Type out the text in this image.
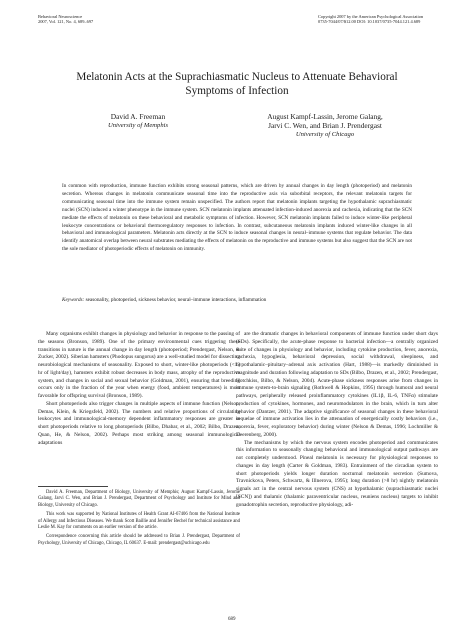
Behavioral Neuroscience
2007, Vol. 121, No. 4, 689–697
Copyright 2007 by the American Psychological Association
0735-7044/07/$12.00 DOI: 10.1037/0735-7044.121.4.689
Melatonin Acts at the Suprachiasmatic Nucleus to Attenuate Behavioral
Symptoms of Infection
David A. Freeman
University of Memphis
August Kampf-Lassin, Jerome Galang,
Jarvi C. Wen, and Brian J. Prendergast
University of Chicago
In common with reproduction, immune function exhibits strong seasonal patterns, which are driven by annual changes in day length (photoperiod) and melatonin secretion. Whereas changes in melatonin communicate seasonal time into the reproductive axis via suborbital receptors, the relevant melatonin targets for communicating seasonal time into the immune system remain unspecified. The authors report that melatonin implants targeting the hypothalamic suprachiasmatic nuclei (SCN) induced a winter phenotype in the immune system. SCN melatonin implants attenuated infection-induced anorexia and cachexia, indicating that the SCN mediate the effects of melatonin on these behavioral and metabolic symptoms of infection. However, SCN melatonin implants failed to induce winter-like peripheral leukocyte concentrations or behavioral thermoregulatory responses to infection. In contrast, subcutaneous melatonin implants induced winter-like changes in all behavioral and immunological parameters. Melatonin acts directly at the SCN to induce seasonal changes in neural–immune systems that regulate behavior. The data identify anatomical overlap between neural substrates mediating the effects of melatonin on the reproductive and immune systems but also suggest that the SCN are not the sole mediator of photoperiodic effects of melatonin on immunity.
Keywords: seasonality, photoperiod, sickness behavior, neural–immune interactions, inflammation

Many organisms exhibit changes in physiology and behavior in response to the passing of the seasons (Bronson, 1989). One of the primary environmental cues triggering these transitions in nature is the annual change in day length (photoperiod; Prendergast, Nelson, & Zucker, 2002). Siberian hamsters (Phodopus sungorus) are a well-studied model for dissecting neurobiological mechanisms of seasonality. Exposed to short, winter-like photoperiods (<13 hr of light/day), hamsters exhibit robust decreases in body mass, atrophy of the reproductive system, and changes in social and sexual behavior (Goldman, 2001), ensuring that breeding occurs only in the fraction of the year when energy (food, ambient temperatures) is most favorable for offspring survival (Bronson, 1989).

Short photoperiods also trigger changes in multiple aspects of immune function (Nelson, Demas, Klein, & Kriegsfeld, 2002). The numbers and relative proportions of circulating leukocytes and immunological-memory dependent inflammatory responses are greater in short photoperiods relative to long photoperiods (Bilbo, Dhabar, et al., 2002; Bilbo, Drazen, Quan, He, & Nelson, 2002). Perhaps most striking among seasonal immunological adaptations

are the dramatic changes in behavioral components of immune function under short days (SDs). Specifically, the acute-phase response to bacterial infection—a centrally organized suite of changes in physiology and behavior, including cytokine production, fever, anorexia, cachexia, hypoglesia, behavioral depression, social withdrawal, sleepiness, and hypothalamic–pituitary–adrenal axis activation (Hart, 1988)—is markedly diminished in magnitude and duration following adaptation to SDs (Bilbo, Drazen, et al., 2002; Prendergast, Hotchkiss, Bilbo, & Nelson, 2004). Acute-phase sickness responses arise from changes in immune system-to-brain signaling (Rothwell & Hopkins, 1995) through humoral and neural pathways, peripherally released proinflammatory cytokines (IL1β, IL-6, TNFα) stimulate production of cytokines, hormones, and neuromodulators in the brain, which in turn alter behavior (Dantzer, 2001). The adaptive significance of seasonal changes in these behavioral sequelae of immune activation lies in the attenuation of energetically costly behaviors (i.e., anorexia, fever, exploratory behavior) during winter (Nelson & Demas, 1996; Lochmiller & Deerenberg, 2000).

The mechanisms by which the nervous system encodes photoperiod and communicates this information to seasonally changing behavioral and immunological output pathways are not completely understood. Pineal melatonin is necessary for physiological responses to changes in day length (Carter & Goldman, 1983). Entrainment of the circadian system to short photoperiods yields longer duration nocturnal melatonin secretion (Sumova, Travnickova, Peters, Schwartz, & Illnerova, 1995); long duration (>8 hr) nightly melatonin signals act in the central nervous system (CNS) at hypothalamic (suprachiasmatic nuclei [SCN]) and thalamic (thalamic paraventricular nucleus, reuniens nucleus) targets to inhibit gonadotrophin secretion, reproductive physiology, adi-

David A. Freeman, Department of Biology, University of Memphis; August Kampf-Lassin, Jerome Galang, Jarvi C. Wen, and Brian J. Prendergast, Department of Psychology and Institute for Mind and Biology, University of Chicago.

This work was supported by National Institutes of Health Grant AI-67406 from the National Institute of Allergy and Infectious Diseases. We thank Scott Baillie and Jennifer Bechel for technical assistance and Leslie M. Kay for comments on an earlier version of the article.

Correspondence concerning this article should be addressed to Brian J. Prendergast, Department of Psychology, University of Chicago, Chicago, IL 60637. E-mail: prendergast@uchicago.edu

689
